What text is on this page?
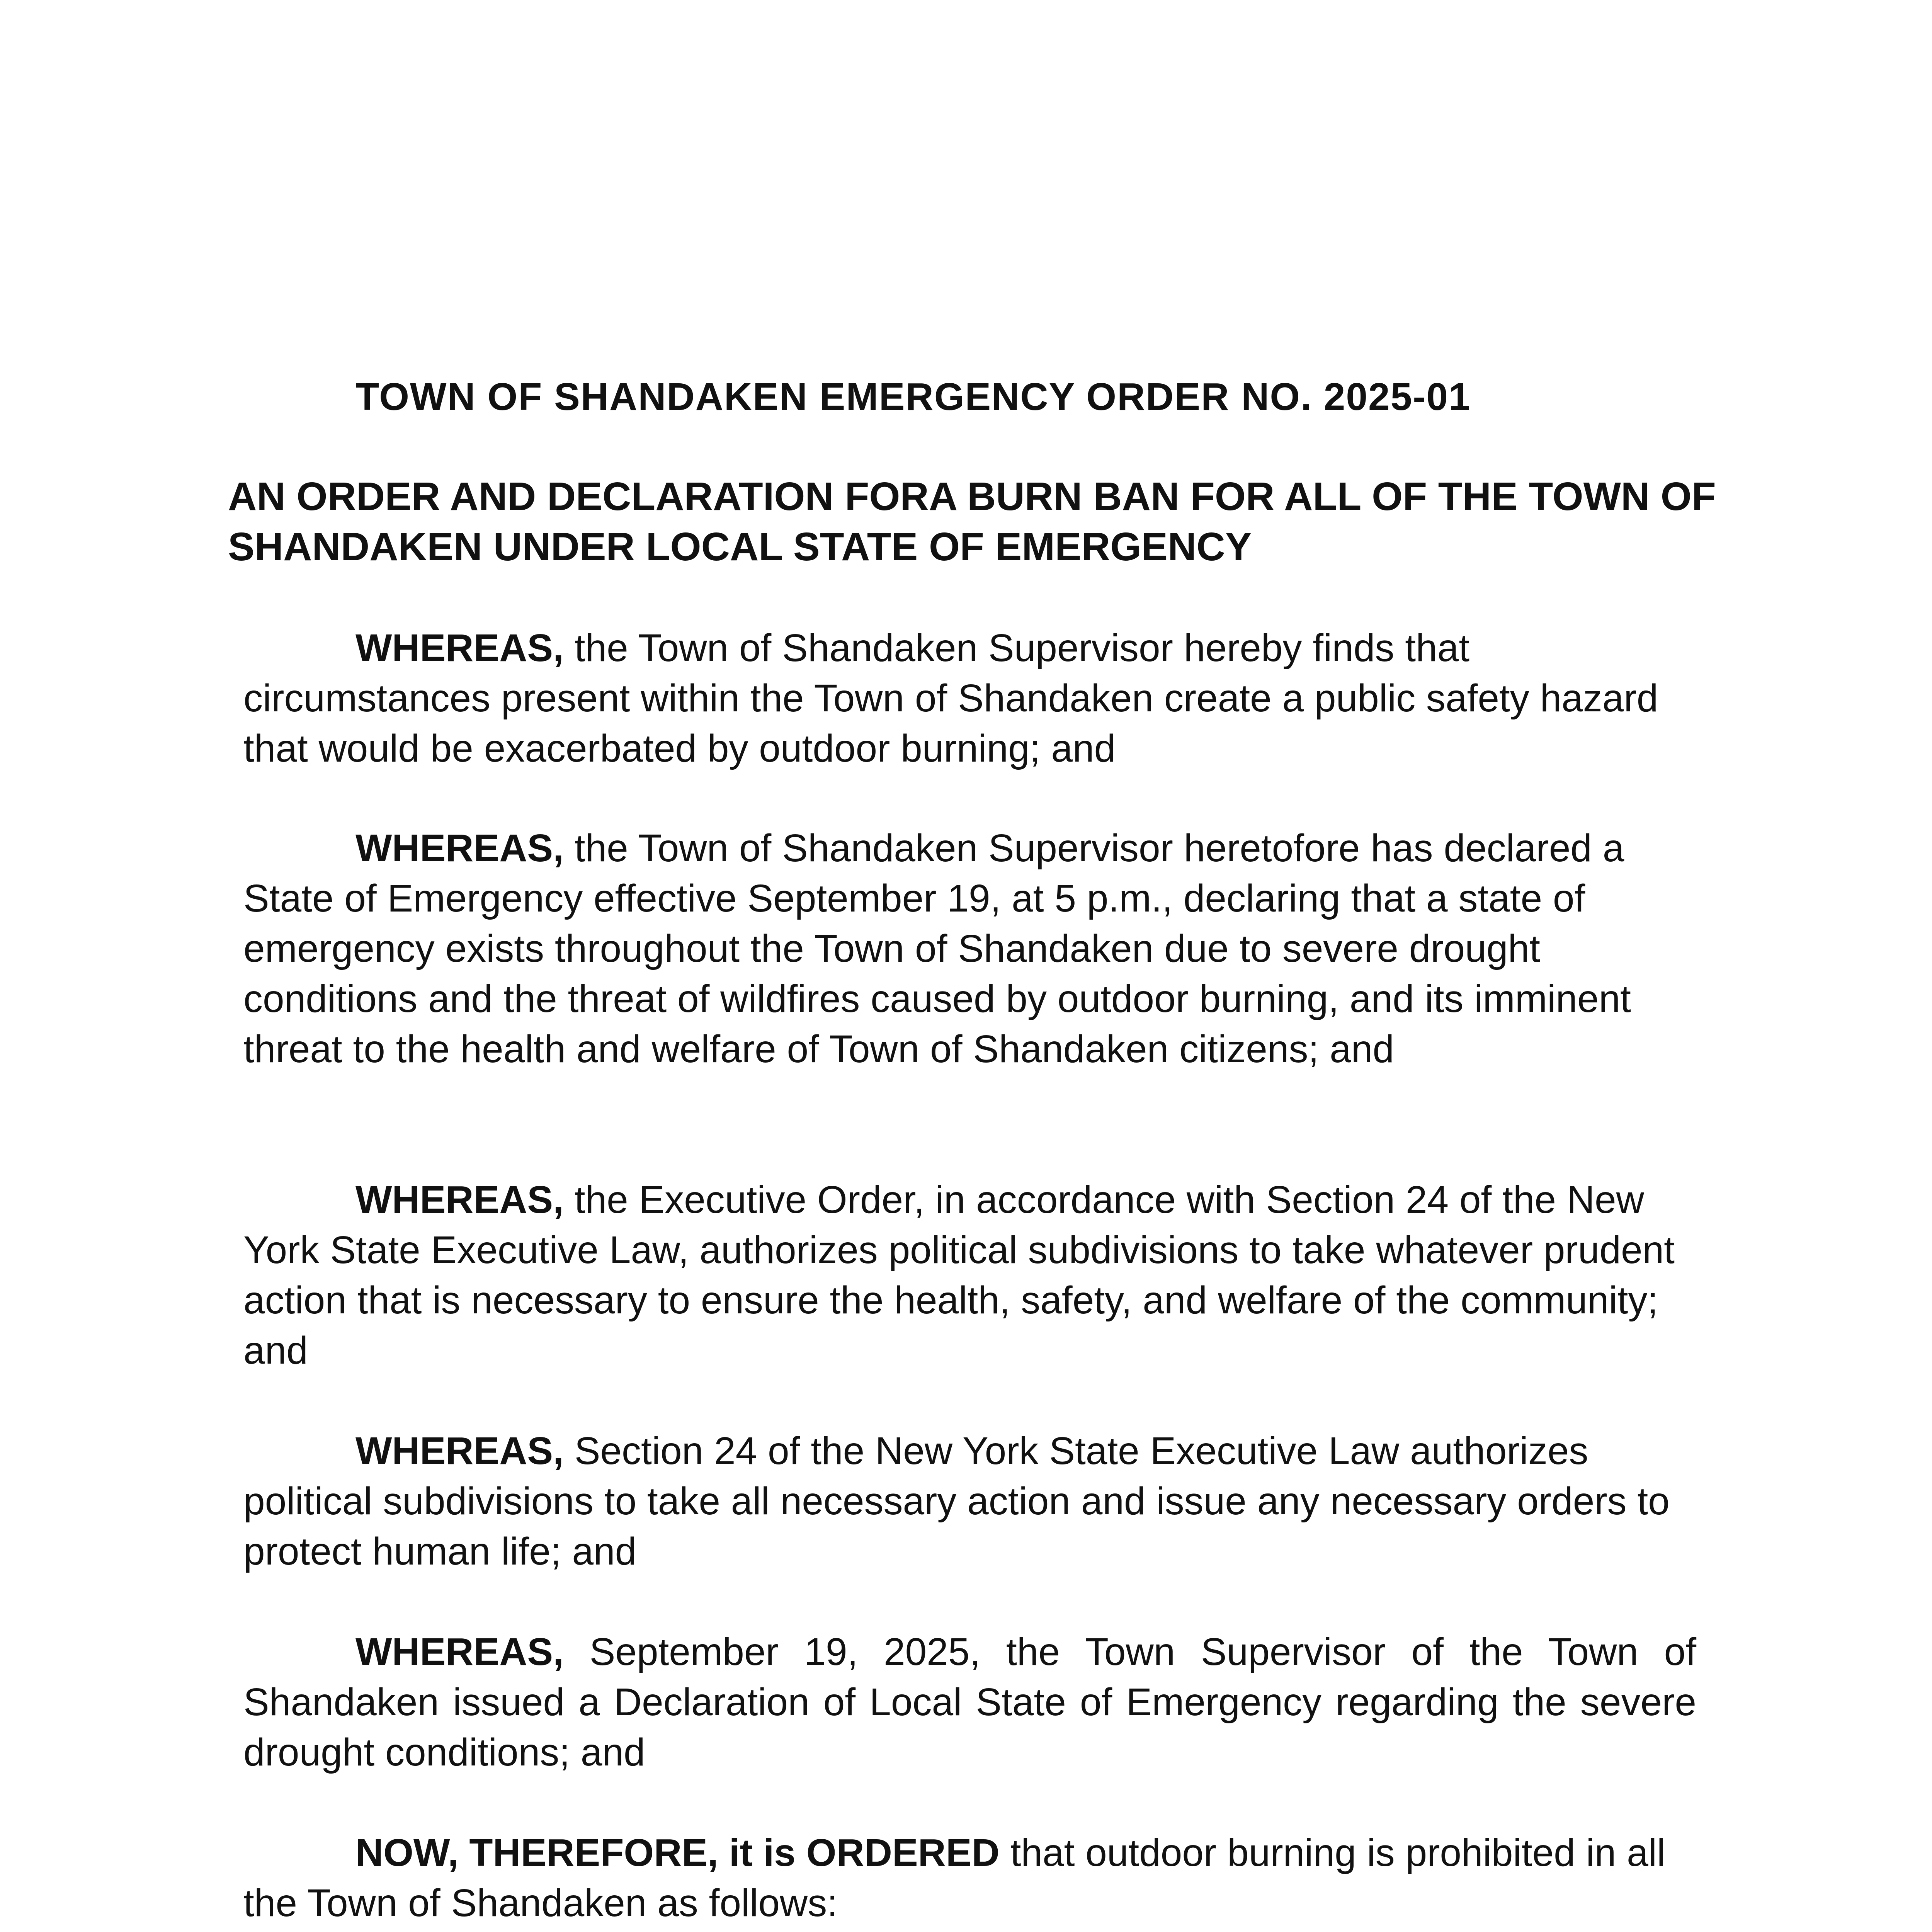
TOWN OF SHANDAKEN EMERGENCY ORDER NO. 2025-01
AN ORDER AND DECLARATION FORA BURN BAN FOR ALL OF THE TOWN OF SHANDAKEN UNDER LOCAL STATE OF EMERGENCY

WHEREAS, the Town of Shandaken Supervisor hereby finds that circumstances present within the Town of Shandaken create a public safety hazard that would be exacerbated by outdoor burning; and

WHEREAS, the Town of Shandaken Supervisor heretofore has declared a State of Emergency effective September 19, at 5 p.m., declaring that a state of emergency exists throughout the Town of Shandaken due to severe drought conditions and the threat of wildfires caused by outdoor burning, and its imminent threat to the health and welfare of Town of Shandaken citizens; and

WHEREAS, the Executive Order, in accordance with Section 24 of the New York State Executive Law, authorizes political subdivisions to take whatever prudent action that is necessary to ensure the health, safety, and welfare of the community; and

WHEREAS, Section 24 of the New York State Executive Law authorizes political subdivisions to take all necessary action and issue any necessary orders to protect human life; and

WHEREAS, September 19, 2025, the Town Supervisor of the Town of Shandaken issued a Declaration of Local State of Emergency regarding the severe drought conditions; and

NOW, THEREFORE, it is ORDERED that outdoor burning is prohibited in all the Town of Shandaken as follows:
